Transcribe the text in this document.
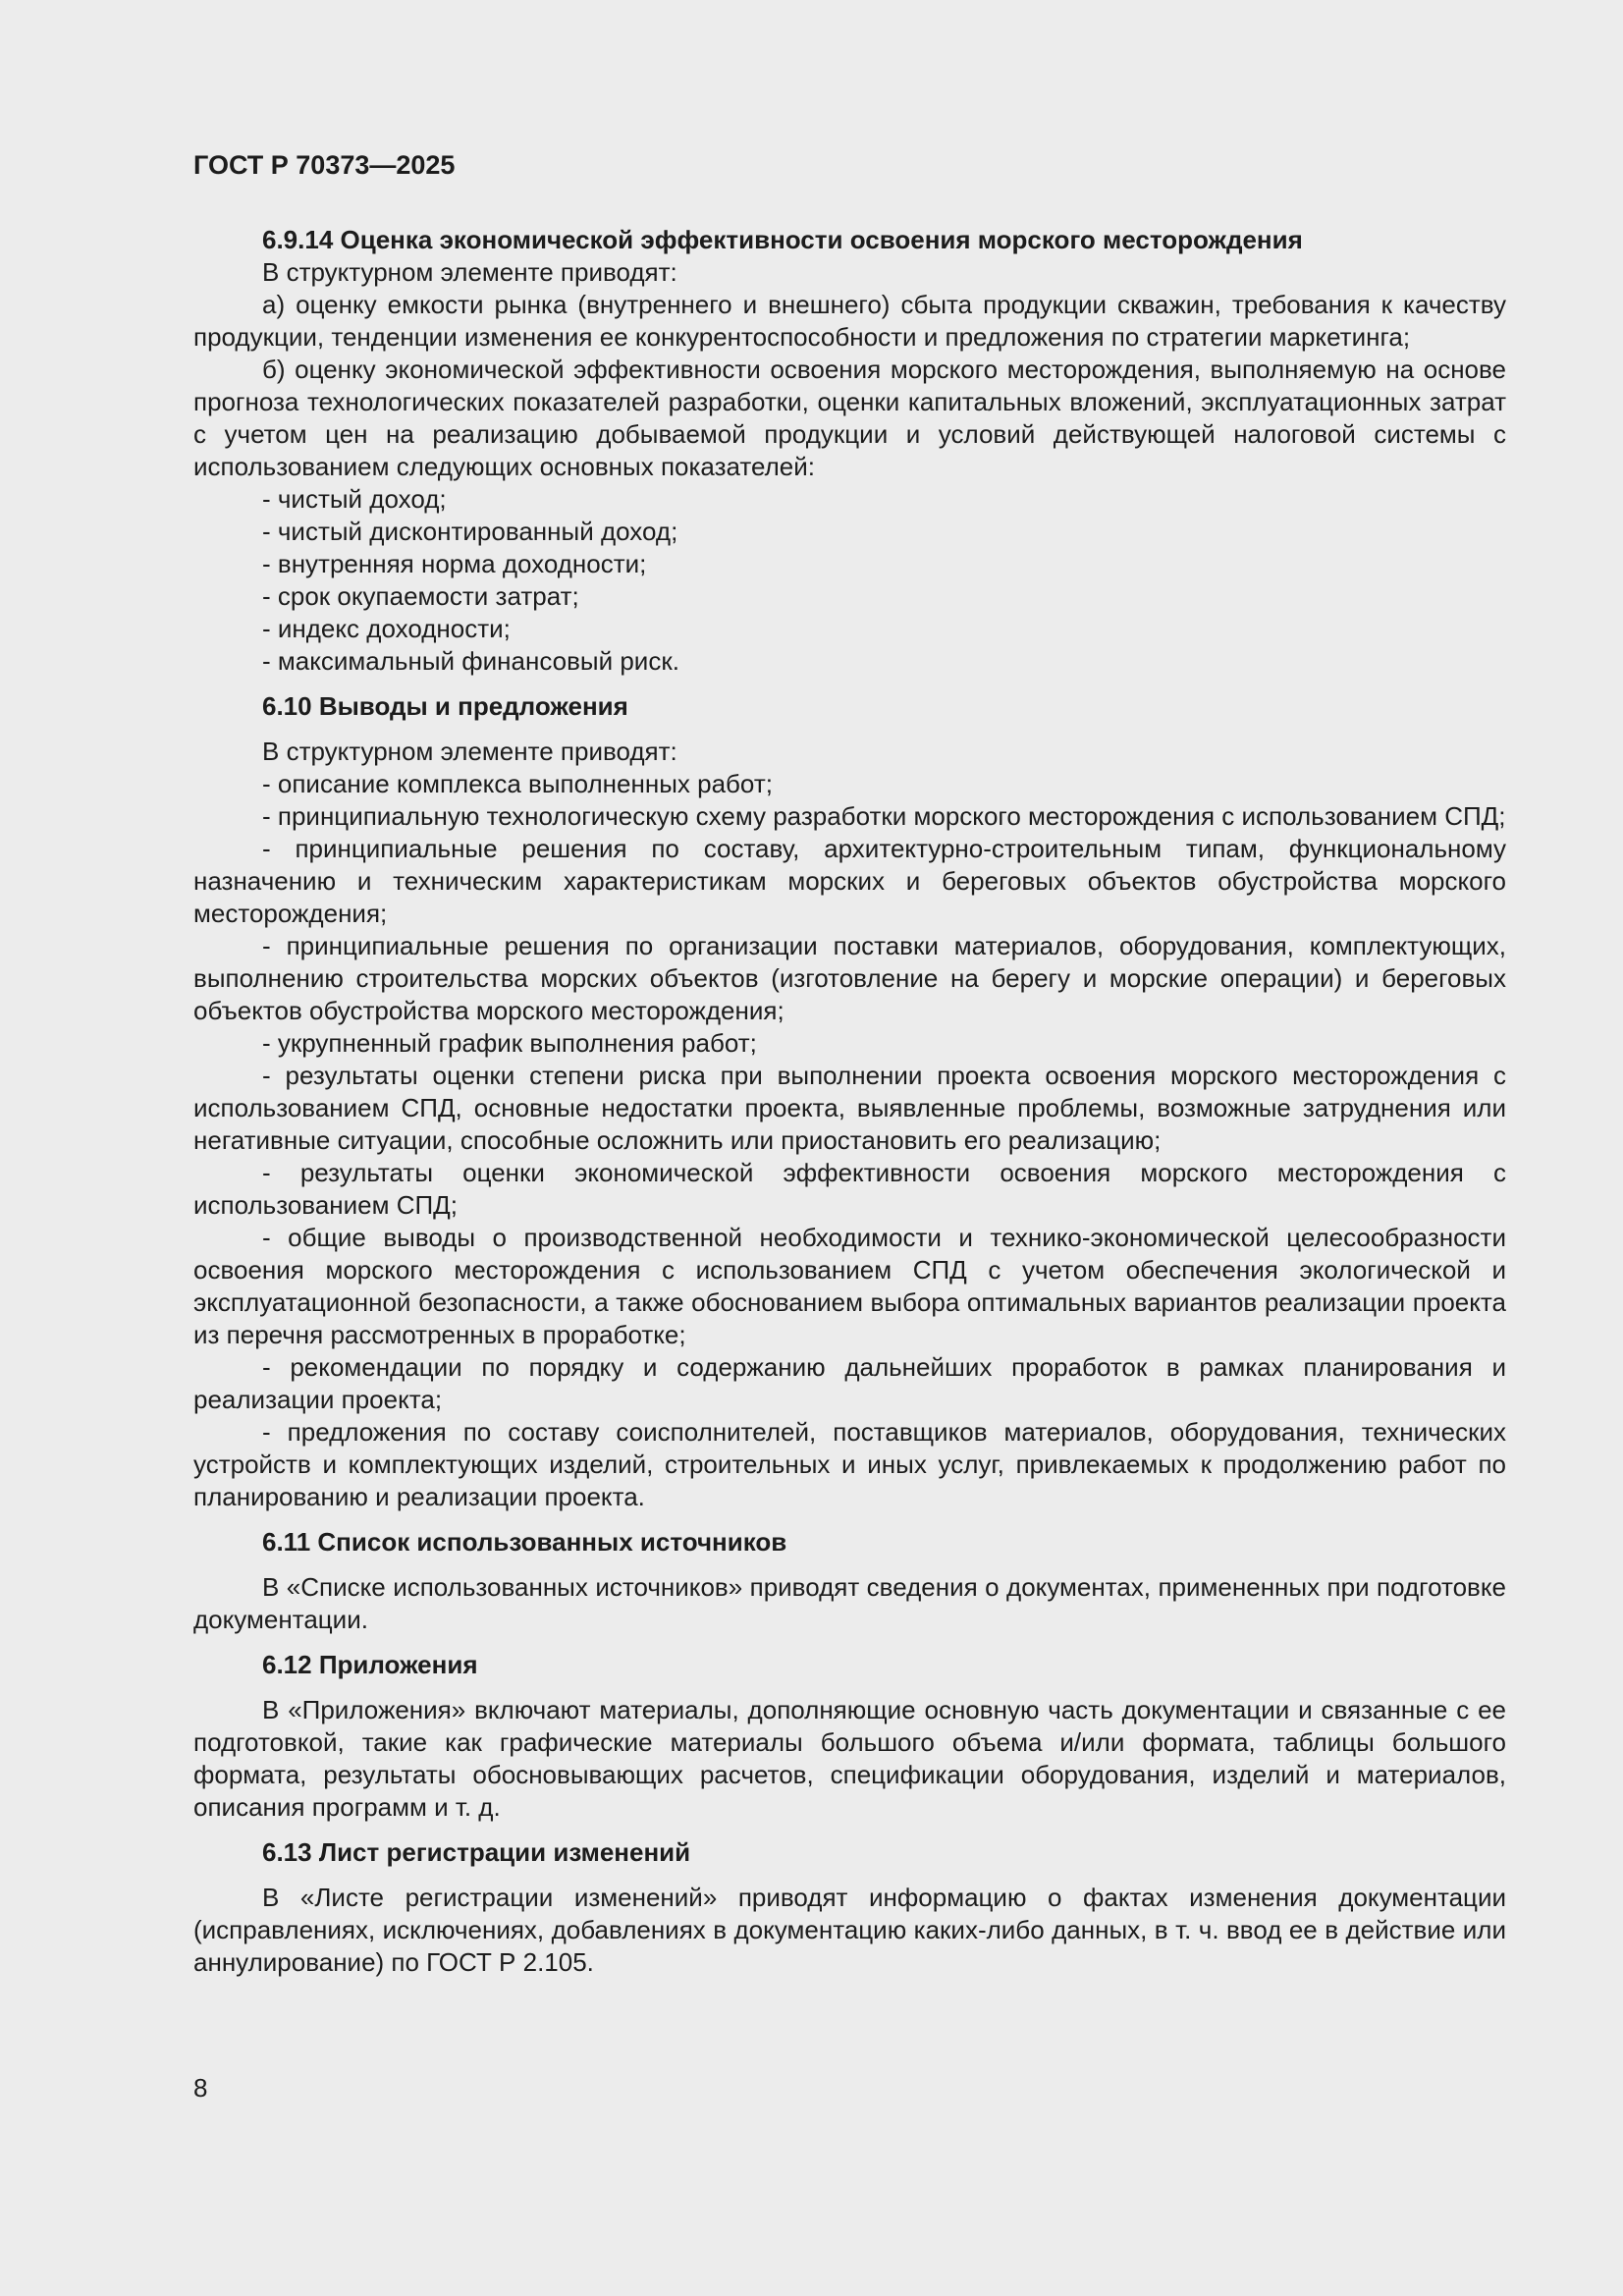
ГОСТ Р 70373—2025

6.9.14 Оценка экономической эффективности освоения морского месторождения

В структурном элементе приводят:

а) оценку емкости рынка (внутреннего и внешнего) сбыта продукции скважин, требования к качеству продукции, тенденции изменения ее конкурентоспособности и предложения по стратегии маркетинга;

б) оценку экономической эффективности освоения морского месторождения, выполняемую на основе прогноза технологических показателей разработки, оценки капитальных вложений, эксплуатационных затрат с учетом цен на реализацию добываемой продукции и условий действующей налоговой системы с использованием следующих основных показателей:

- чистый доход;

- чистый дисконтированный доход;

- внутренняя норма доходности;

- срок окупаемости затрат;

- индекс доходности;

- максимальный финансовый риск.

6.10 Выводы и предложения

В структурном элементе приводят:

- описание комплекса выполненных работ;

- принципиальную технологическую схему разработки морского месторождения с использованием СПД;

- принципиальные решения по составу, архитектурно-строительным типам, функциональному назначению и техническим характеристикам морских и береговых объектов обустройства морского месторождения;

- принципиальные решения по организации поставки материалов, оборудования, комплектующих, выполнению строительства морских объектов (изготовление на берегу и морские операции) и береговых объектов обустройства морского месторождения;

- укрупненный график выполнения работ;

- результаты оценки степени риска при выполнении проекта освоения морского месторождения с использованием СПД, основные недостатки проекта, выявленные проблемы, возможные затруднения или негативные ситуации, способные осложнить или приостановить его реализацию;

- результаты оценки экономической эффективности освоения морского месторождения с использованием СПД;

- общие выводы о производственной необходимости и технико-экономической целесообразности освоения морского месторождения с использованием СПД с учетом обеспечения экологической и эксплуатационной безопасности, а также обоснованием выбора оптимальных вариантов реализации проекта из перечня рассмотренных в проработке;

- рекомендации по порядку и содержанию дальнейших проработок в рамках планирования и реализации проекта;

- предложения по составу соисполнителей, поставщиков материалов, оборудования, технических устройств и комплектующих изделий, строительных и иных услуг, привлекаемых к продолжению работ по планированию и реализации проекта.

6.11 Список использованных источников

В «Списке использованных источников» приводят сведения о документах, примененных при подготовке документации.

6.12 Приложения

В «Приложения» включают материалы, дополняющие основную часть документации и связанные с ее подготовкой, такие как графические материалы большого объема и/или формата, таблицы большого формата, результаты обосновывающих расчетов, спецификации оборудования, изделий и материалов, описания программ и т. д.

6.13 Лист регистрации изменений

В «Листе регистрации изменений» приводят информацию о фактах изменения документации (исправлениях, исключениях, добавлениях в документацию каких-либо данных, в т. ч. ввод ее в действие или аннулирование) по ГОСТ Р 2.105.

8
